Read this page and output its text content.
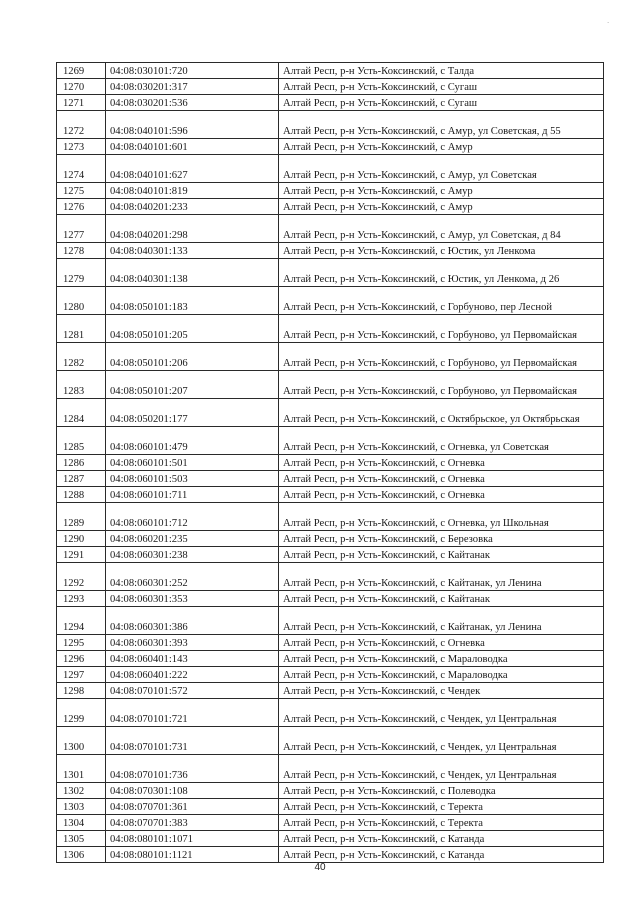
1269	04:08:030101:720	Алтай Респ, р-н Усть-Коксинский, с Талда
1270	04:08:030201:317	Алтай Респ, р-н Усть-Коксинский, с Сугаш
1271	04:08:030201:536	Алтай Респ, р-н Усть-Коксинский, с Сугаш
1272	04:08:040101:596	Алтай Респ, р-н Усть-Коксинский, с Амур, ул Советская, д 55
1273	04:08:040101:601	Алтай Респ, р-н Усть-Коксинский, с Амур
1274	04:08:040101:627	Алтай Респ, р-н Усть-Коксинский, с Амур, ул Советская
1275	04:08:040101:819	Алтай Респ, р-н Усть-Коксинский, с Амур
1276	04:08:040201:233	Алтай Респ, р-н Усть-Коксинский, с Амур
1277	04:08:040201:298	Алтай Респ, р-н Усть-Коксинский, с Амур, ул Советская, д 84
1278	04:08:040301:133	Алтай Респ, р-н Усть-Коксинский, с Юстик, ул Ленкома
1279	04:08:040301:138	Алтай Респ, р-н Усть-Коксинский, с Юстик, ул Ленкома, д 26
1280	04:08:050101:183	Алтай Респ, р-н Усть-Коксинский, с Горбуново, пер Лесной
1281	04:08:050101:205	Алтай Респ, р-н Усть-Коксинский, с Горбуново, ул Первомайская
1282	04:08:050101:206	Алтай Респ, р-н Усть-Коксинский, с Горбуново, ул Первомайская
1283	04:08:050101:207	Алтай Респ, р-н Усть-Коксинский, с Горбуново, ул Первомайская
1284	04:08:050201:177	Алтай Респ, р-н Усть-Коксинский, с Октябрьское, ул Октябрьская
1285	04:08:060101:479	Алтай Респ, р-н Усть-Коксинский, с Огневка, ул Советская
1286	04:08:060101:501	Алтай Респ, р-н Усть-Коксинский, с Огневка
1287	04:08:060101:503	Алтай Респ, р-н Усть-Коксинский, с Огневка
1288	04:08:060101:711	Алтай Респ, р-н Усть-Коксинский, с Огневка
1289	04:08:060101:712	Алтай Респ, р-н Усть-Коксинский, с Огневка, ул Школьная
1290	04:08:060201:235	Алтай Респ, р-н Усть-Коксинский, с Березовка
1291	04:08:060301:238	Алтай Респ, р-н Усть-Коксинский, с Кайтанак
1292	04:08:060301:252	Алтай Респ, р-н Усть-Коксинский, с Кайтанак, ул Ленина
1293	04:08:060301:353	Алтай Респ, р-н Усть-Коксинский, с Кайтанак
1294	04:08:060301:386	Алтай Респ, р-н Усть-Коксинский, с Кайтанак, ул Ленина
1295	04:08:060301:393	Алтай Респ, р-н Усть-Коксинский, с Огневка
1296	04:08:060401:143	Алтай Респ, р-н Усть-Коксинский, с Мараловодка
1297	04:08:060401:222	Алтай Респ, р-н Усть-Коксинский, с Мараловодка
1298	04:08:070101:572	Алтай Респ, р-н Усть-Коксинский, с Чендек
1299	04:08:070101:721	Алтай Респ, р-н Усть-Коксинский, с Чендек, ул Центральная
1300	04:08:070101:731	Алтай Респ, р-н Усть-Коксинский, с Чендек, ул Центральная
1301	04:08:070101:736	Алтай Респ, р-н Усть-Коксинский, с Чендек, ул Центральная
1302	04:08:070301:108	Алтай Респ, р-н Усть-Коксинский, с Полеводка
1303	04:08:070701:361	Алтай Респ, р-н Усть-Коксинский, с Теректа
1304	04:08:070701:383	Алтай Респ, р-н Усть-Коксинский, с Теректа
1305	04:08:080101:1071	Алтай Респ, р-н Усть-Коксинский, с Катанда
1306	04:08:080101:1121	Алтай Респ, р-н Усть-Коксинский, с Катанда
40
·
